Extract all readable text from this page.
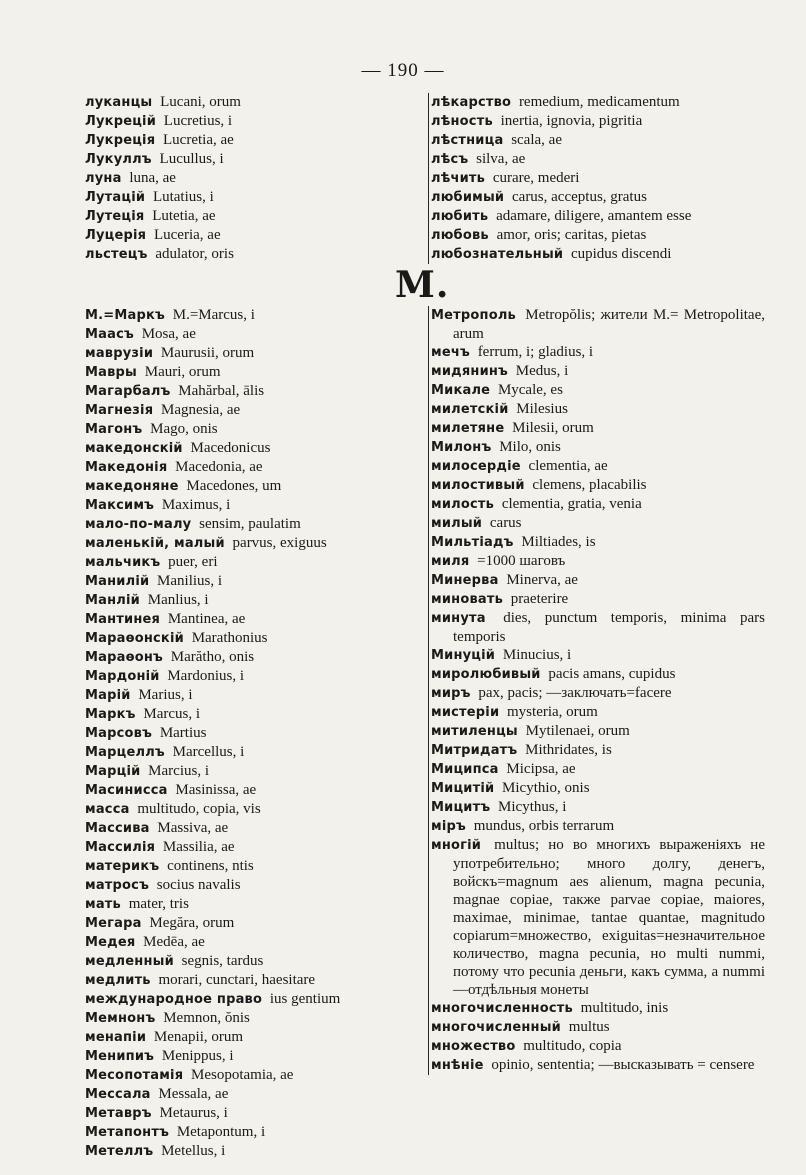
— 190 —
луканцы Lucani, orum
Лукрецій Lucretius, i
Лукреція Lucretia, ae
Лукуллъ Lucullus, i
луна luna, ae
Лутацій Lutatius, i
Лутеція Lutetia, ae
Луцерія Luceria, ae
льстецъ adulator, oris
лѣкарство remedium, medicamentum
лѣность inertia, ignovia, pigritia
лѣстница scala, ae
лѣсъ silva, ae
лѣчить curare, mederi
любимый carus, acceptus, gratus
любить adamare, diligere, amantem esse
любовь amor, oris; caritas, pietas
любознательный cupidus discendi
М.
М.=Маркъ М.=Marcus, i
Маасъ Mosa, ae
маврузіи Maurusii, orum
Мавры Mauri, orum
Магарбалъ Mahărbal, ālis
Магнезія Magnesia, ae
Магонъ Mago, onis
македонскій Macedonicus
Македонія Macedonia, ae
македоняне Macedones, um
Максимъ Maximus, i
мало-по-малу sensim, paulatim
маленькій, малый parvus, exiguus
мальчикъ puer, eri
Манилій Manilius, i
Манлій Manlius, i
Мантинея Mantinea, ae
Мараѳонскій Marathonius
Мараѳонъ Marătho, onis
Мардоній Mardonius, i
Марій Marius, i
Маркъ Marcus, i
Марсовъ Martius
Марцеллъ Marcellus, i
Марцій Marcius, i
Масинисса Masinissa, ae
масса multitudo, copia, vis
Массива Massiva, ae
Массилія Massilia, ae
материкъ continens, ntis
матросъ socius navalis
мать mater, tris
Мегара Megăra, orum
Медея Medēa, ae
медленный segnis, tardus
медлить morari, cunctari, haesitare
международное право ius gentium
Мемнонъ Memnon, ŏnis
менапіи Menapii, orum
Менипиъ Menippus, i
Месопотамія Mesopotamia, ae
Мессала Messala, ae
Метавръ Metaurus, i
Метапонтъ Metapontum, i
Метеллъ Metellus, i
Метрополь Metropŏlis; жители М.= Metropolitae, arum
мечъ ferrum, i; gladius, i
мидянинъ Medus, i
Микале Mycale, es
милетскій Milesius
милетяне Milesii, orum
Милонъ Milo, onis
милосердіе clementia, ae
милостивый clemens, placabilis
милость clementia, gratia, venia
милый carus
Мильтіадъ Miltiades, is
миля =1000 шаговъ
Минерва Minerva, ae
миновать praeterire
минута dies, punctum temporis, minima pars temporis
Минуцій Minucius, i
миролюбивый pacis amans, cupidus
миръ pax, pacis; —заключать=facere
мистеріи mysteria, orum
митиленцы Mytilenaei, orum
Митридатъ Mithridates, is
Миципса Micipsa, ae
Мицитій Micythio, onis
Мицитъ Micythus, i
міръ mundus, orbis terrarum
многій multus; но во многихъ выраженіяхъ не употребительно; много долгу, денегъ, войскъ=magnum aes alienum, magna pecunia, magnae copiae, также parvae copiae, maiores, maximae, minimae, tantae quantae, magnitudo copiarum=множество, exiguitas=незначительное количество, magna pecunia, но multi nummi, потому что pecunia деньги, какъ сумма, а nummi—отдѣльныя монеты
многочисленность multitudo, inis
многочисленный multus
множество multitudo, copia
мнѣніе opinio, sententia; —высказывать = censere
